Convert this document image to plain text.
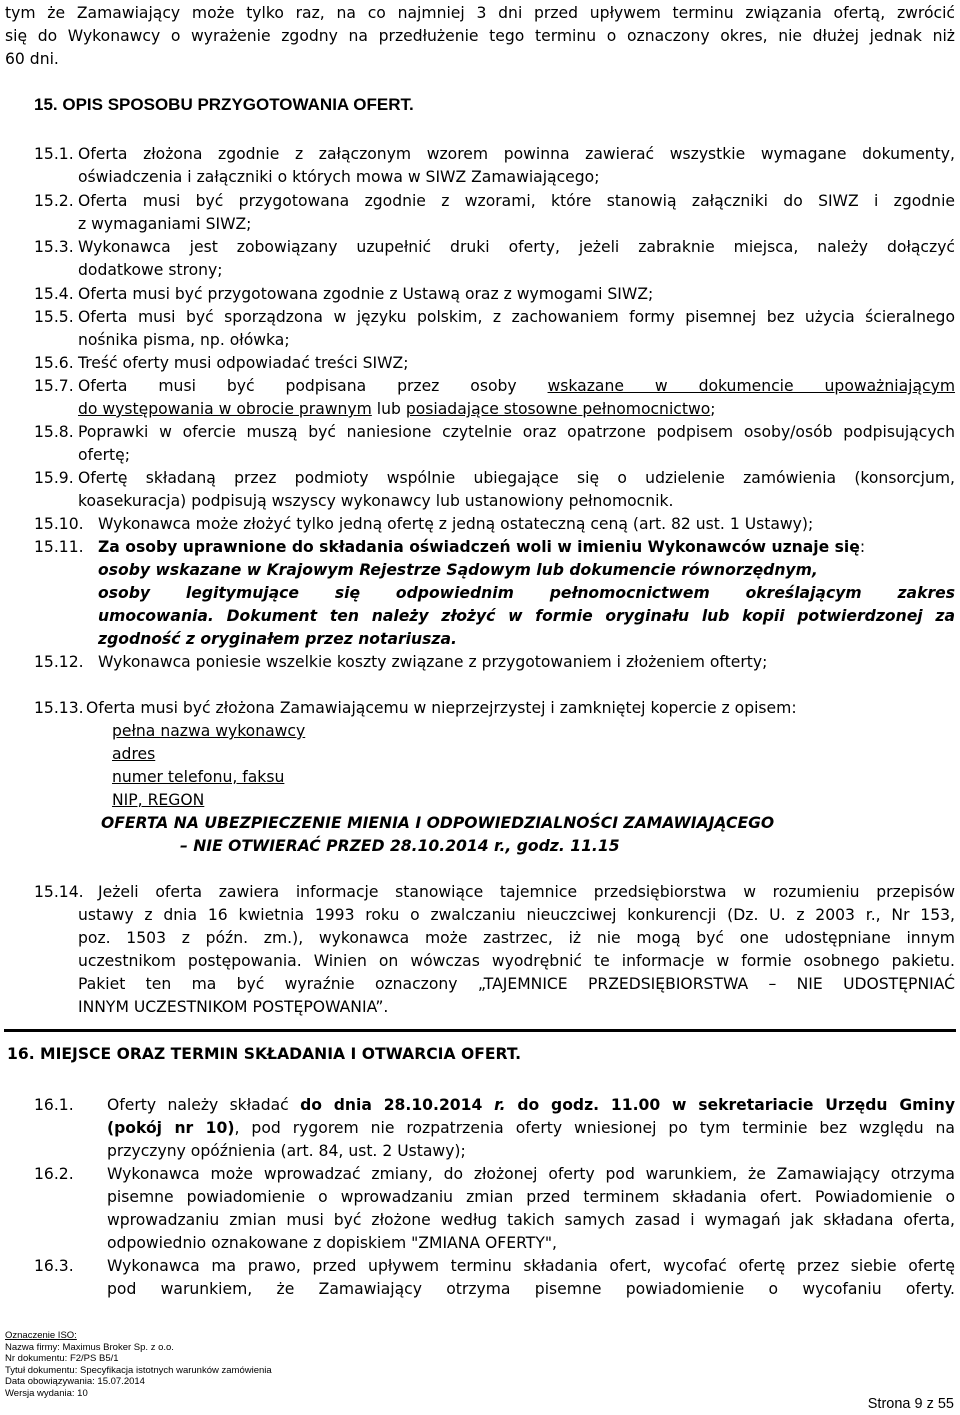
tym że Zamawiający może tylko raz, na co najmniej 3 dni przed upływem terminu związania ofertą, zwrócić
się do Wykonawcy o wyrażenie zgodny na przedłużenie tego terminu o oznaczony okres, nie dłużej jednak niż
60 dni.
15. OPIS SPOSOBU PRZYGOTOWANIA OFERT.
15.1. Oferta złożona zgodnie z załączonym wzorem powinna zawierać wszystkie wymagane dokumenty,
oświadczenia i załączniki o których mowa w SIWZ Zamawiającego;
15.2. Oferta musi być przygotowana zgodnie z wzorami, które stanowią załączniki do SIWZ i zgodnie
z wymaganiami SIWZ;
15.3. Wykonawca jest zobowiązany uzupełnić druki oferty, jeżeli zabraknie miejsca, należy dołączyć
dodatkowe strony;
15.4. Oferta musi być przygotowana zgodnie z Ustawą oraz z wymogami SIWZ;
15.5. Oferta musi być sporządzona w języku polskim, z zachowaniem formy pisemnej bez użycia ścieralnego
nośnika pisma, np. ołówka;
15.6. Treść oferty musi odpowiadać treści SIWZ;
15.7. Oferta musi być podpisana przez osoby wskazane w dokumencie upoważniającym
do występowania w obrocie prawnym lub posiadające stosowne pełnomocnictwo;
15.8. Poprawki w ofercie muszą być naniesione czytelnie oraz opatrzone podpisem osoby/osób podpisujących
ofertę;
15.9. Ofertę składaną przez podmioty wspólnie ubiegające się o udzielenie zamówienia (konsorcjum,
koasekuracja) podpisują wszyscy wykonawcy lub ustanowiony pełnomocnik.
15.10. Wykonawca może złożyć tylko jedną ofertę z jedną ostateczną ceną (art. 82 ust. 1 Ustawy);
15.11. Za osoby uprawnione do składania oświadczeń woli w imieniu Wykonawców uznaje się:
osoby wskazane w Krajowym Rejestrze Sądowym lub dokumencie równorzędnym,
osoby legitymujące się odpowiednim pełnomocnictwem określającym zakres
umocowania. Dokument ten należy złożyć w formie oryginału lub kopii potwierdzonej za
zgodność z oryginałem przez notariusza.
15.12. Wykonawca poniesie wszelkie koszty związane z przygotowaniem i złożeniem ofterty;
15.13. Oferta musi być złożona Zamawiającemu w nieprzejrzystej i zamkniętej kopercie z opisem:
pełna nazwa wykonawcy
adres
numer telefonu, faksu
NIP, REGON
OFERTA NA UBEZPIECZENIE MIENIA I ODPOWIEDZIALNOŚCI ZAMAWIAJĄCEGO
– NIE OTWIERAĆ PRZED 28.10.2014 r., godz. 11.15
15.14. Jeżeli oferta zawiera informacje stanowiące tajemnice przedsiębiorstwa w rozumieniu przepisów
ustawy z dnia 16 kwietnia 1993 roku o zwalczaniu nieuczciwej konkurencji (Dz. U. z 2003 r., Nr 153,
poz. 1503 z późn. zm.), wykonawca może zastrzec, iż nie mogą być one udostępniane innym
uczestnikom postępowania. Winien on wówczas wyodrębnić te informacje w formie osobnego pakietu.
Pakiet ten ma być wyraźnie oznaczony „TAJEMNICE PRZEDSIĘBIORSTWA – NIE UDOSTĘPNIAĆ
INNYM UCZESTNIKOM POSTĘPOWANIA”.
16. MIEJSCE ORAZ TERMIN SKŁADANIA I OTWARCIA OFERT.
16.1. Oferty należy składać do dnia 28.10.2014 r. do godz. 11.00 w sekretariacie Urzędu Gminy
(pokój nr 10), pod rygorem nie rozpatrzenia oferty wniesionej po tym terminie bez względu na
przyczyny opóźnienia (art. 84, ust. 2 Ustawy);
16.2. Wykonawca może wprowadzać zmiany, do złożonej oferty pod warunkiem, że Zamawiający otrzyma
pisemne powiadomienie o wprowadzaniu zmian przed terminem składania ofert. Powiadomienie o
wprowadzaniu zmian musi być złożone według takich samych zasad i wymagań jak składana oferta,
odpowiednio oznakowane z dopiskiem "ZMIANA OFERTY",
16.3. Wykonawca ma prawo, przed upływem terminu składania ofert, wycofać ofertę przez siebie ofertę
pod warunkiem, że Zamawiający otrzyma pisemne powiadomienie o wycofaniu oferty.
Oznaczenie ISO:
Nazwa firmy: Maximus Broker Sp. z o.o.
Nr dokumentu: F2/PS B5/1
Tytuł dokumentu: Specyfikacja istotnych warunków zamówienia
Data obowiązywania: 15.07.2014
Wersja wydania: 10
Strona 9 z 55
